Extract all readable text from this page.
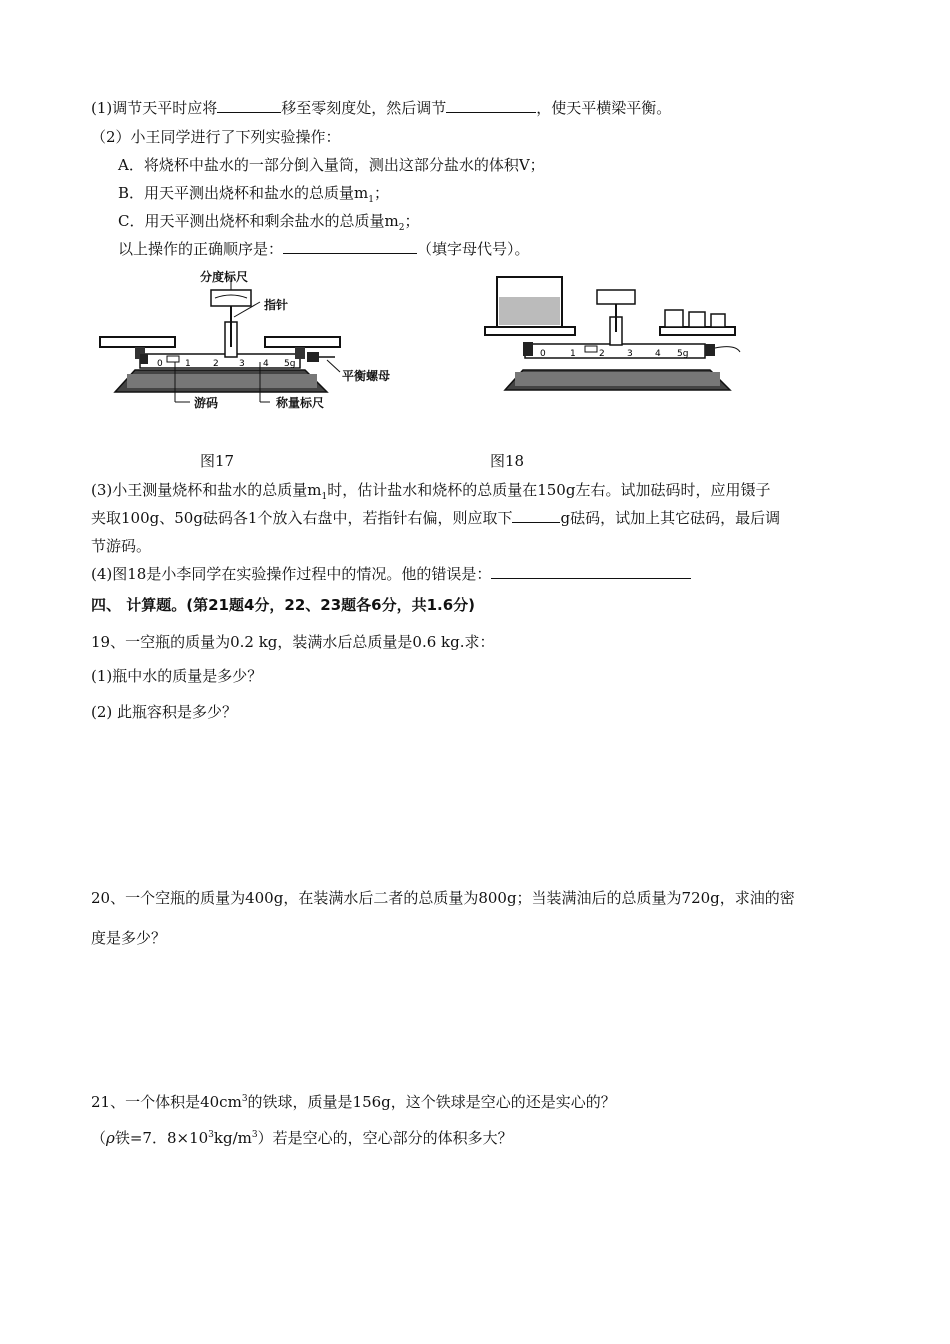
(1)调节天平时应将	移至零刻度处，然后调节	，使天平横梁平衡。
（2）小王同学进行了下列实验操作：
A．将烧杯中盐水的一部分倒入量筒，测出这部分盐水的体积V；
B．用天平测出烧杯和盐水的总质量$m_1$；
C．用天平测出烧杯和剩余盐水的总质量$m_2$；
以上操作的正确顺序是：	（填字母代号）。
0 1 2 3 4 5g
分度标尺
指针
平衡螺母
游码	称量标尺
图17
0	1	2 3 4 5g
图18
(3)小王测量烧杯和盐水的总质量$m_1$时，估计盐水和烧杯的总质量在150g左右。试加砝码时，应用镊子
夹取100g、50g砝码各1个放入右盘中，若指针右偏，则应取下	g砝码，试加上其它砝码，最后调
节游码。
(4)图18是小李同学在实验操作过程中的情况。他的错误是：
四、 计算题。(第21题4分，22、23题各6分，共1.6分)
19、一空瓶的质量为0.2 kg，装满水后总质量是0.6 kg.求：
(1)瓶中水的质量是多少？
(2) 此瓶容积是多少？
20、一个空瓶的质量为400g，在装满水后二者的总质量为800g；当装满油后的总质量为720g，求油的密
度是多少？
21、一个体积是$40cm^3$的铁球，质量是156g，这个铁球是空心的还是实心的？
（ρ铁=7．$8\times 10^3kg/m^3$）若是空心的，空心部分的体积多大？
